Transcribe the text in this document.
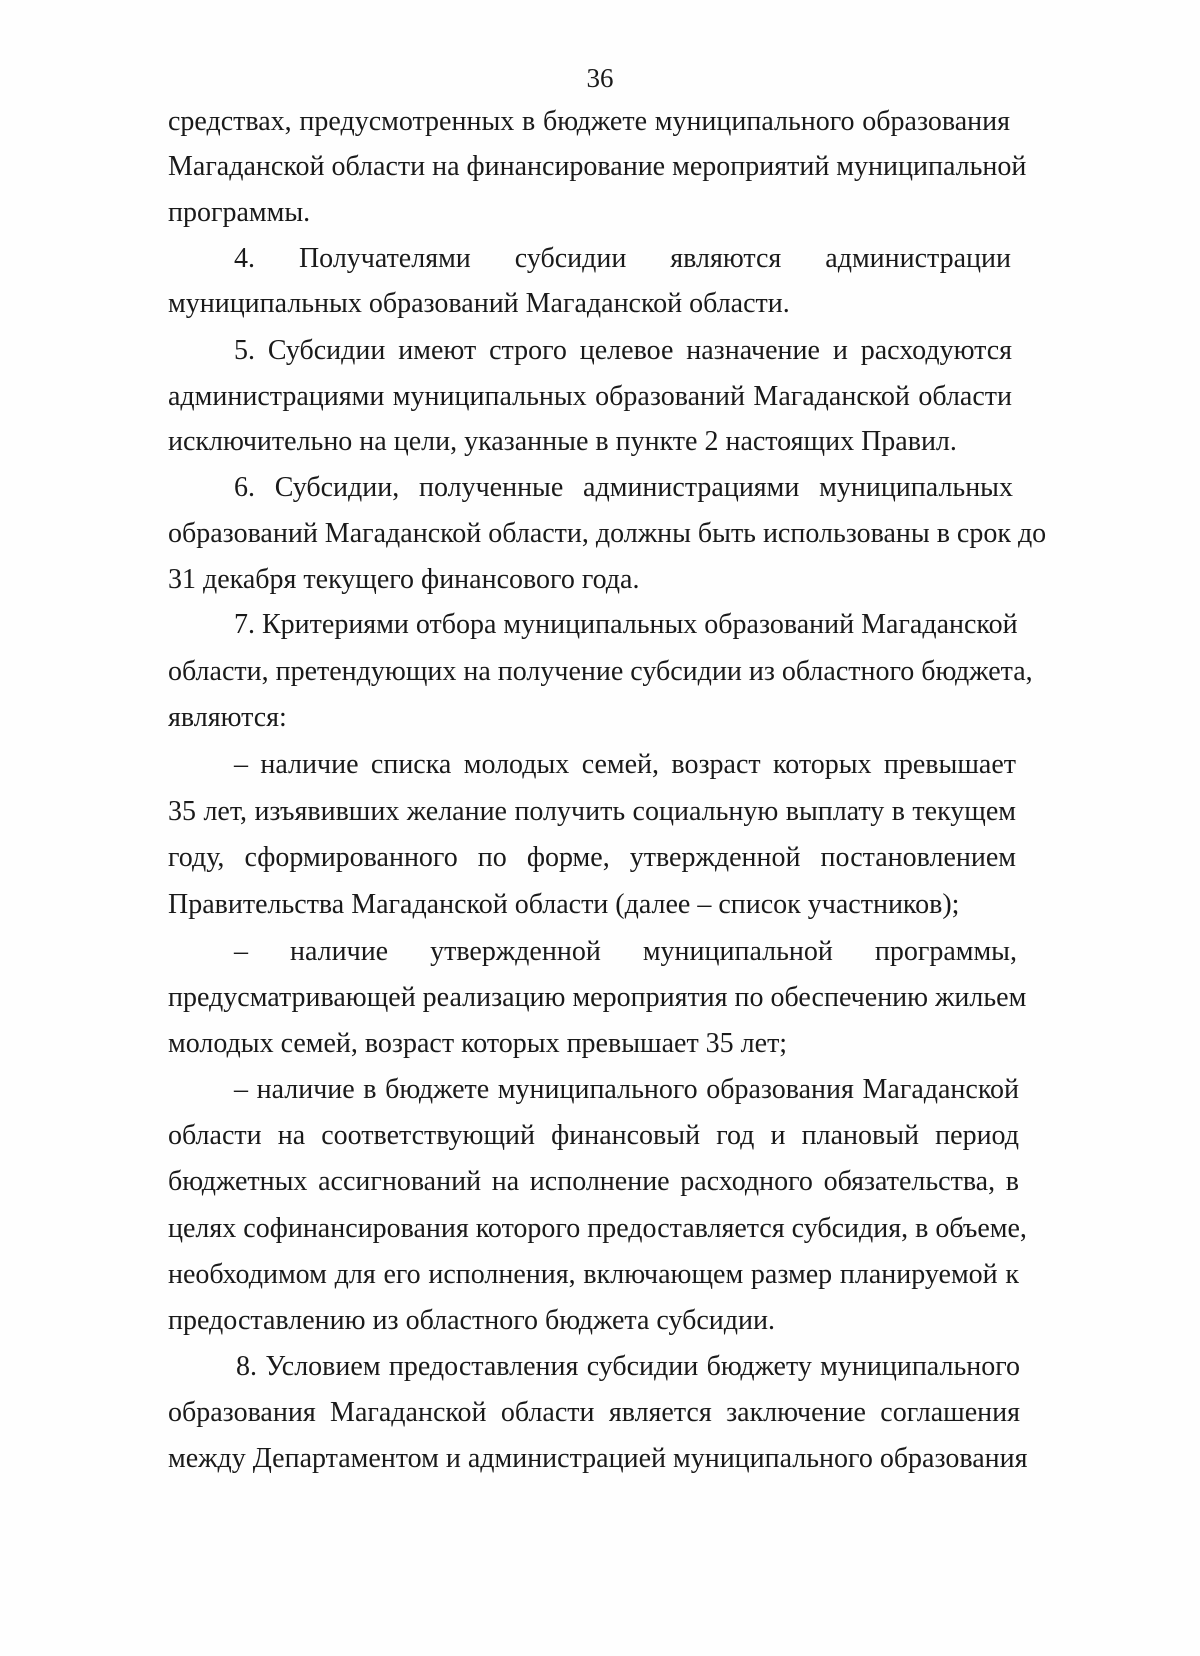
36
средствах, предусмотренных в бюджете муниципального образования
Магаданской области на финансирование мероприятий муниципальной
программы.
4. Получателями субсидии являются администрации
муниципальных образований Магаданской области.
5. Субсидии имеют строго целевое назначение и расходуются
администрациями муниципальных образований Магаданской области
исключительно на цели, указанные в пункте 2 настоящих Правил.
6. Субсидии, полученные администрациями муниципальных
образований Магаданской области, должны быть использованы в срок до
31 декабря текущего финансового года.
7. Критериями отбора муниципальных образований Магаданской
области, претендующих на получение субсидии из областного бюджета,
являются:
– наличие списка молодых семей, возраст которых превышает
35 лет, изъявивших желание получить социальную выплату в текущем
году, сформированного по форме, утвержденной постановлением
Правительства Магаданской области (далее – список участников);
– наличие утвержденной муниципальной программы,
предусматривающей реализацию мероприятия по обеспечению жильем
молодых семей, возраст которых превышает 35 лет;
– наличие в бюджете муниципального образования Магаданской
области на соответствующий финансовый год и плановый период
бюджетных ассигнований на исполнение расходного обязательства, в
целях софинансирования которого предоставляется субсидия, в объеме,
необходимом для его исполнения, включающем размер планируемой к
предоставлению из областного бюджета субсидии.
8. Условием предоставления субсидии бюджету муниципального
образования Магаданской области является заключение соглашения
между Департаментом и администрацией муниципального образования
